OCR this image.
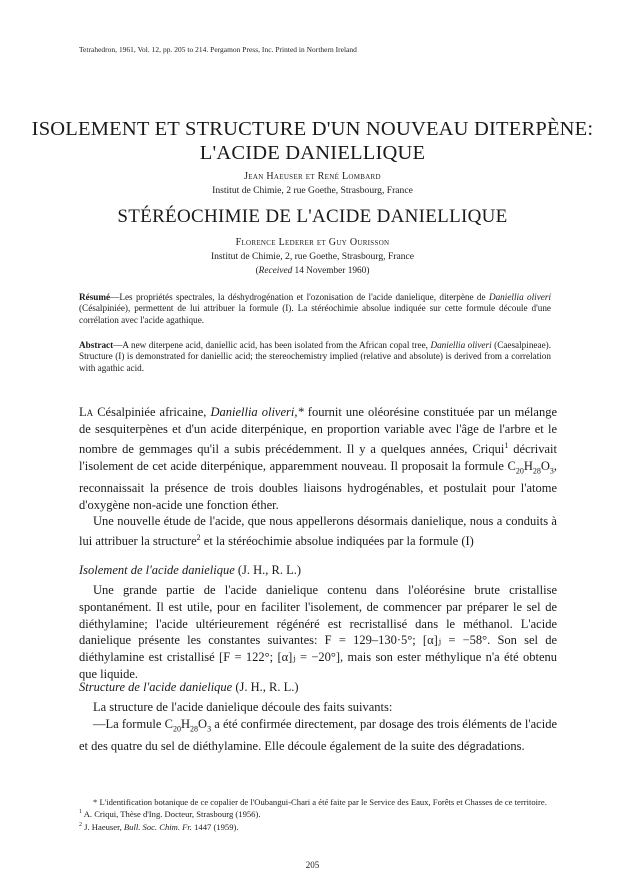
Tetrahedron, 1961, Vol. 12, pp. 205 to 214. Pergamon Press, Inc. Printed in Northern Ireland
ISOLEMENT ET STRUCTURE D'UN NOUVEAU DITERPÈNE:
L'ACIDE DANIELLIQUE
Jean Haeuser et René Lombard
Institut de Chimie, 2 rue Goethe, Strasbourg, France
STÉRÉOCHIMIE DE L'ACIDE DANIELLIQUE
Florence Lederer et Guy Ourisson
Institut de Chimie, 2, rue Goethe, Strasbourg, France
(Received 14 November 1960)
Résumé—Les propriétés spectrales, la déshydrogénation et l'ozonisation de l'acide danielique, diterpène de Daniellia oliveri (Césalpiniée), permettent de lui attribuer la formule (I). La stéréochimie absolue indiquée sur cette formule découle d'une corrélation avec l'acide agathique.
Abstract—A new diterpene acid, daniellic acid, has been isolated from the African copal tree, Daniellia oliveri (Caesalpineae). Structure (I) is demonstrated for daniellic acid; the stereochemistry implied (relative and absolute) is derived from a correlation with agathic acid.

La Césalpiniée africaine, Daniellia oliveri,* fournit une oléorésine constituée par un mélange de sesquiterpènes et d'un acide diterpénique, en proportion variable avec l'âge de l'arbre et le nombre de gemmages qu'il a subis précédemment. Il y a quelques années, Criqui$^1$ décrivait l'isolement de cet acide diterpénique, apparemment nouveau. Il proposait la formule $C_{20}H_{28}O_3$, reconnaissait la présence de trois doubles liaisons hydrogénables, et postulait pour l'atome d'oxygène non-acide une fonction éther.

Une nouvelle étude de l'acide, que nous appellerons désormais danielique, nous a conduits à lui attribuer la structure$^2$ et la stéréochimie absolue indiquées par la formule (I)

Isolement de l'acide danielique (J. H., R. L.)

Une grande partie de l'acide danielique contenu dans l'oléorésine brute cristallise spontanément. Il est utile, pour en faciliter l'isolement, de commencer par préparer le sel de diéthylamine; l'acide ultérieurement régénéré est recristallisé dans le méthanol. L'acide danielique présente les constantes suivantes: F = 129–130·5°; [α]ⱼ = −58°. Son sel de diéthylamine est cristallisé [F = 122°; [α]ⱼ = −20°], mais son ester méthylique n'a été obtenu que liquide.

Structure de l'acide danielique (J. H., R. L.)

La structure de l'acide danielique découle des faits suivants:

—La formule $C_{20}H_{28}O_3$ a été confirmée directement, par dosage des trois éléments de l'acide et des quatre du sel de diéthylamine. Elle découle également de la suite des dégradations.

* L'identification botanique de ce copalier de l'Oubangui-Chari a été faite par le Service des Eaux, Forêts et Chasses de ce territoire.
$^1$ A. Criqui, Thèse d'Ing. Docteur, Strasbourg (1956).
$^2$ J. Haeuser, Bull. Soc. Chim. Fr. 1447 (1959).
205
